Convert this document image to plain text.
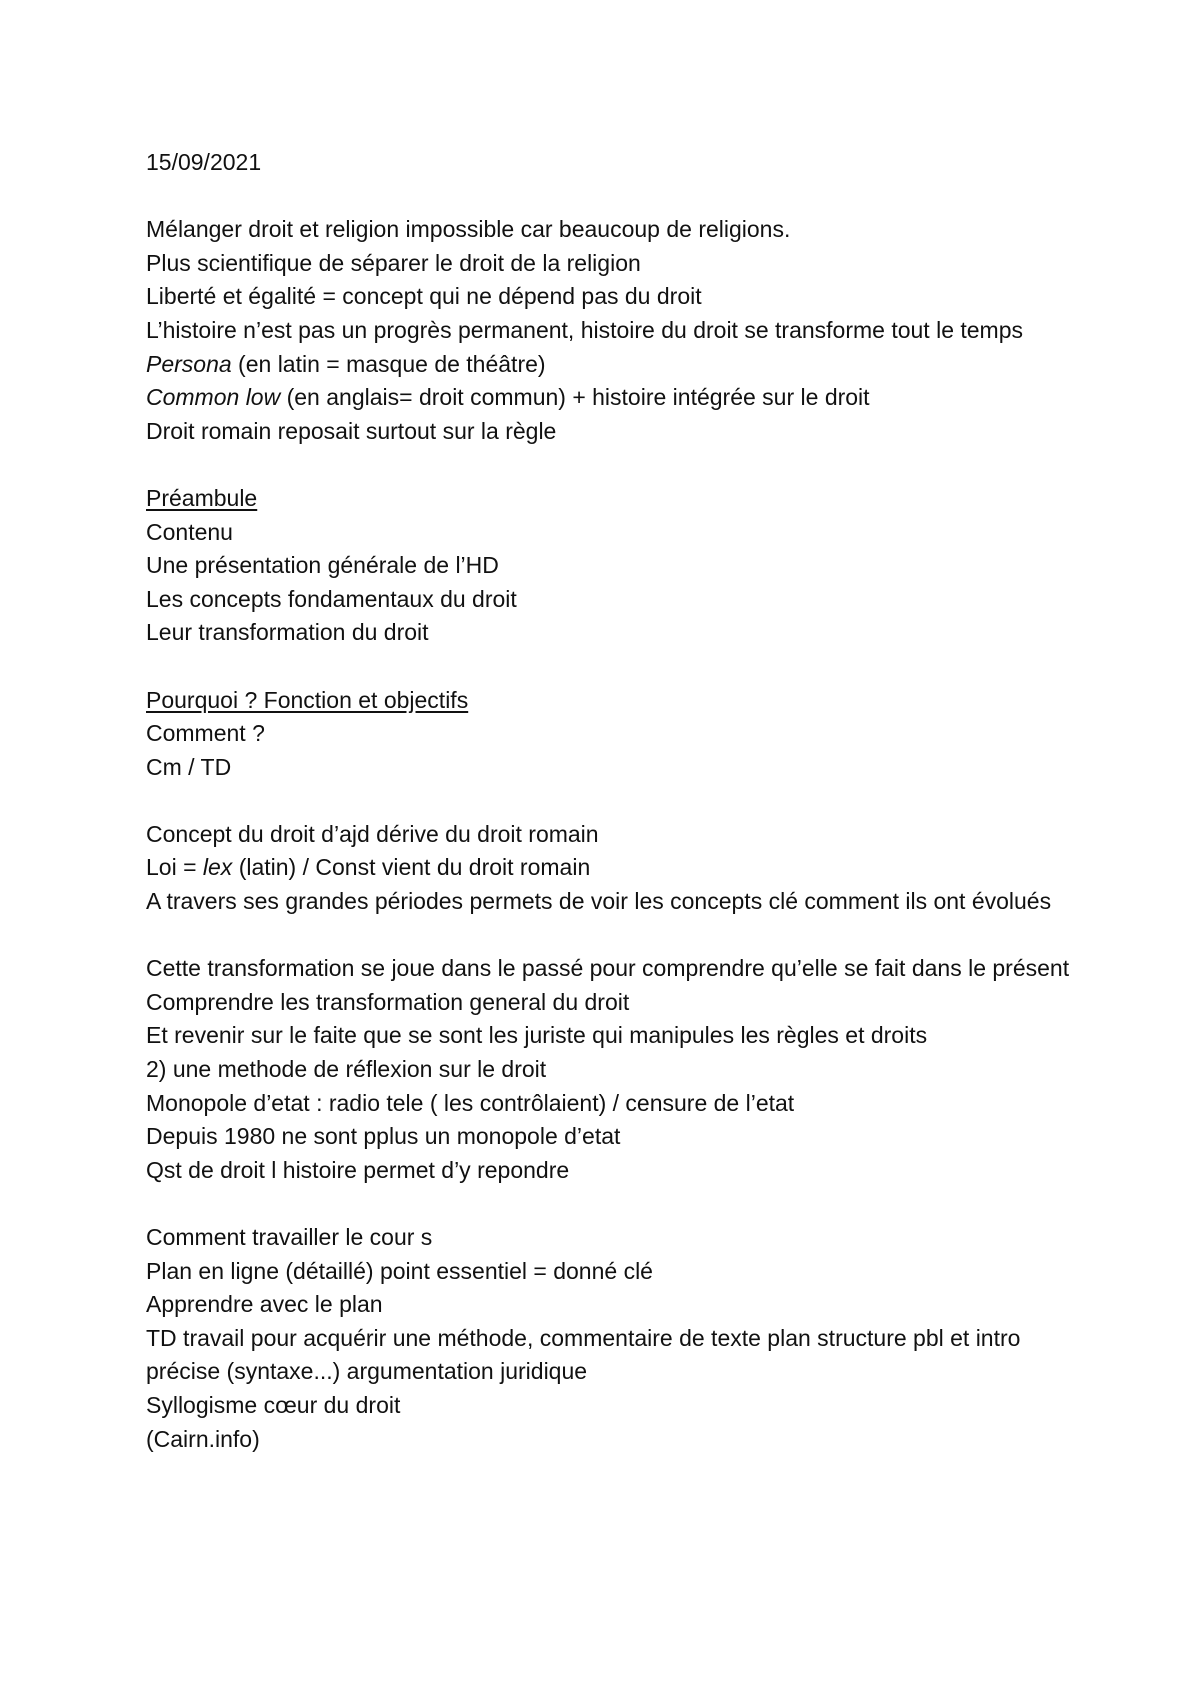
15/09/2021
Mélanger droit et religion impossible car beaucoup de religions.
Plus scientifique de séparer le droit de la religion
Liberté et égalité = concept qui ne dépend pas du droit
L’histoire n’est pas un progrès permanent, histoire du droit se transforme tout le temps
Persona (en latin = masque de théâtre)
Common low (en anglais= droit commun) + histoire intégrée sur le droit
Droit romain reposait surtout sur la règle
Préambule
Contenu
Une présentation générale de l’HD
Les concepts fondamentaux du droit
Leur transformation du droit
Pourquoi ? Fonction et objectifs
Comment ?
Cm / TD
Concept du droit d’ajd dérive du droit romain
Loi = lex (latin) / Const vient du droit romain
A travers ses grandes périodes permets de voir les concepts clé comment ils ont évolués
Cette transformation se joue dans le passé pour comprendre qu’elle se fait dans le présent
Comprendre les transformation general du droit
Et revenir sur le faite que se sont les juriste qui manipules les règles et droits
2) une methode de réflexion sur le droit
Monopole d’etat : radio tele ( les contrôlaient) / censure de l’etat
Depuis 1980 ne sont pplus un monopole d’etat
Qst de droit l histoire permet d’y repondre
Comment travailler le cour s
Plan en ligne (détaillé) point essentiel = donné clé
Apprendre avec le plan
TD travail pour acquérir une méthode, commentaire de texte plan structure pbl et intro précise (syntaxe...) argumentation juridique
Syllogisme cœur du droit
(Cairn.info)
